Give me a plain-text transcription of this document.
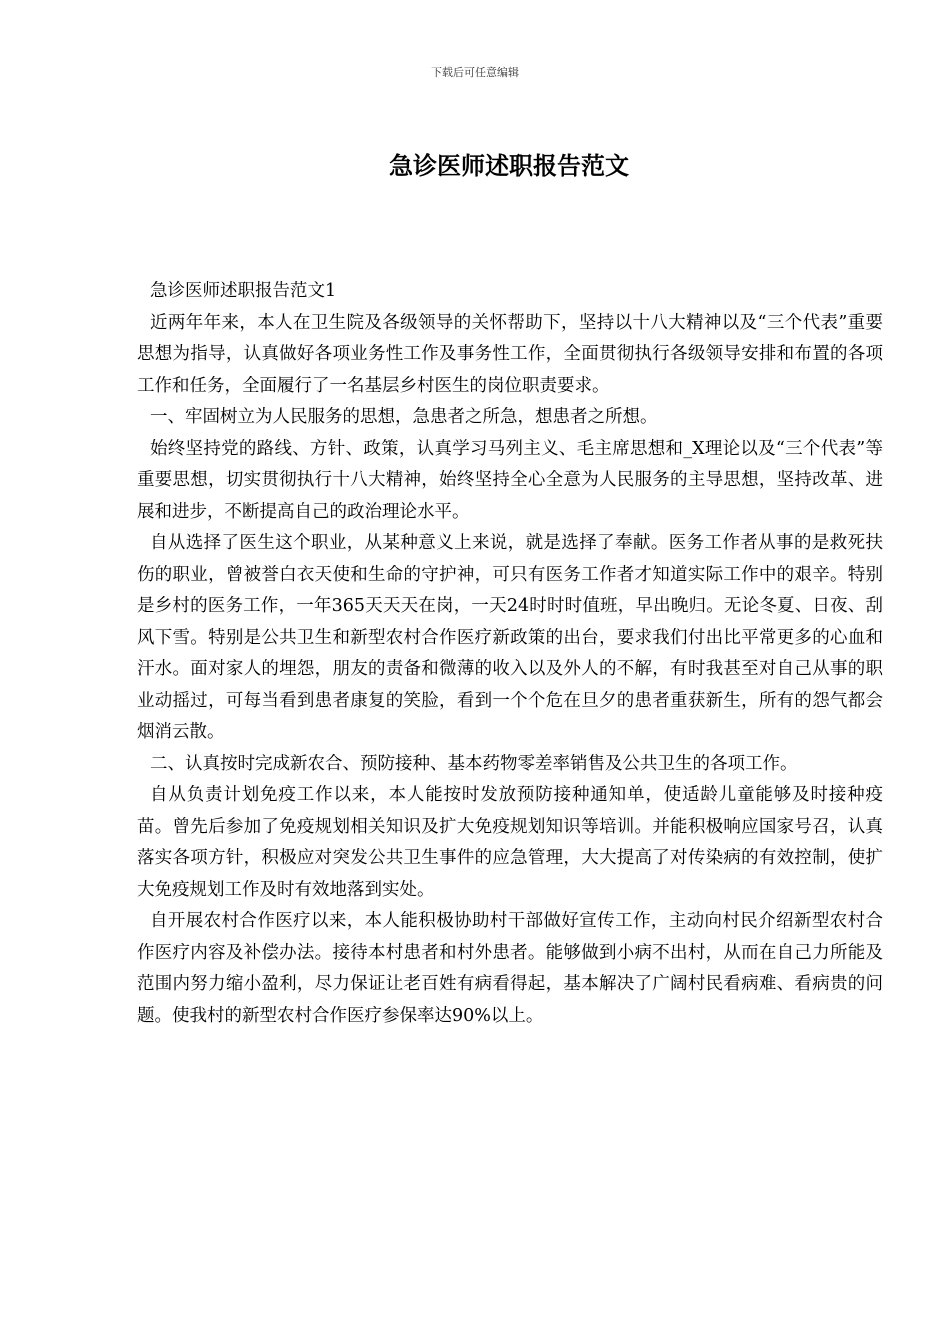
下载后可任意编辑
急诊医师述职报告范文

急诊医师述职报告范文1

近两年年来，本人在卫生院及各级领导的关怀帮助下，坚持以十八大精神以及“三个代表”重要思想为指导，认真做好各项业务性工作及事务性工作，全面贯彻执行各级领导安排和布置的各项工作和任务，全面履行了一名基层乡村医生的岗位职责要求。

一、牢固树立为人民服务的思想，急患者之所急，想患者之所想。

始终坚持党的路线、方针、政策，认真学习马列主义、毛主席思想和_X理论以及“三个代表”等重要思想，切实贯彻执行十八大精神，始终坚持全心全意为人民服务的主导思想，坚持改革、进展和进步，不断提高自己的政治理论水平。

自从选择了医生这个职业，从某种意义上来说，就是选择了奉献。医务工作者从事的是救死扶伤的职业，曾被誉白衣天使和生命的守护神，可只有医务工作者才知道实际工作中的艰辛。特别是乡村的医务工作，一年365天天天在岗，一天24时时时值班，早出晚归。无论冬夏、日夜、刮风下雪。特别是公共卫生和新型农村合作医疗新政策的出台，要求我们付出比平常更多的心血和汗水。面对家人的埋怨，朋友的责备和微薄的收入以及外人的不解，有时我甚至对自己从事的职业动摇过，可每当看到患者康复的笑脸，看到一个个危在旦夕的患者重获新生，所有的怨气都会烟消云散。

二、认真按时完成新农合、预防接种、基本药物零差率销售及公共卫生的各项工作。

自从负责计划免疫工作以来，本人能按时发放预防接种通知单，使适龄儿童能够及时接种疫苗。曾先后参加了免疫规划相关知识及扩大免疫规划知识等培训。并能积极响应国家号召，认真落实各项方针，积极应对突发公共卫生事件的应急管理，大大提高了对传染病的有效控制，使扩大免疫规划工作及时有效地落到实处。

自开展农村合作医疗以来，本人能积极协助村干部做好宣传工作，主动向村民介绍新型农村合作医疗内容及补偿办法。接待本村患者和村外患者。能够做到小病不出村，从而在自己力所能及范围内努力缩小盈利，尽力保证让老百姓有病看得起，基本解决了广阔村民看病难、看病贵的问题。使我村的新型农村合作医疗参保率达90%以上。
